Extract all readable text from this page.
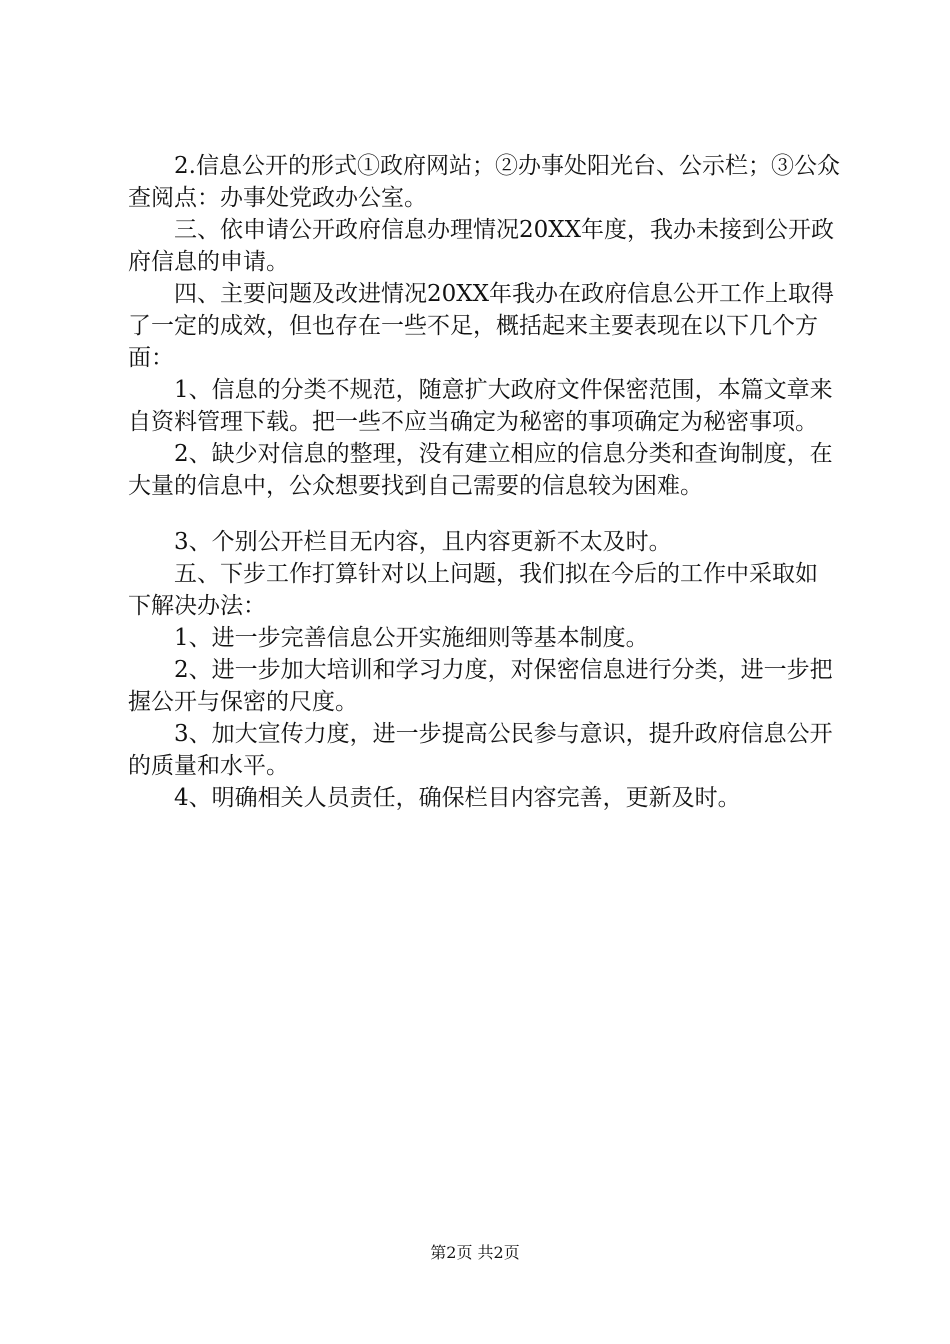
2.信息公开的形式①政府网站；②办事处阳光台、公示栏；③公众查阅点：办事处党政办公室。

三、依申请公开政府信息办理情况20XX年度，我办未接到公开政府信息的申请。

四、主要问题及改进情况20XX年我办在政府信息公开工作上取得了一定的成效，但也存在一些不足，概括起来主要表现在以下几个方面：

1、信息的分类不规范，随意扩大政府文件保密范围，本篇文章来自资料管理下载。把一些不应当确定为秘密的事项确定为秘密事项。

2、缺少对信息的整理，没有建立相应的信息分类和查询制度，在大量的信息中，公众想要找到自己需要的信息较为困难。

3、个别公开栏目无内容，且内容更新不太及时。

五、下步工作打算针对以上问题，我们拟在今后的工作中采取如下解决办法：

1、进一步完善信息公开实施细则等基本制度。

2、进一步加大培训和学习力度，对保密信息进行分类，进一步把握公开与保密的尺度。

3、加大宣传力度，进一步提高公民参与意识，提升政府信息公开的质量和水平。

4、明确相关人员责任，确保栏目内容完善，更新及时。

第2页 共2页
